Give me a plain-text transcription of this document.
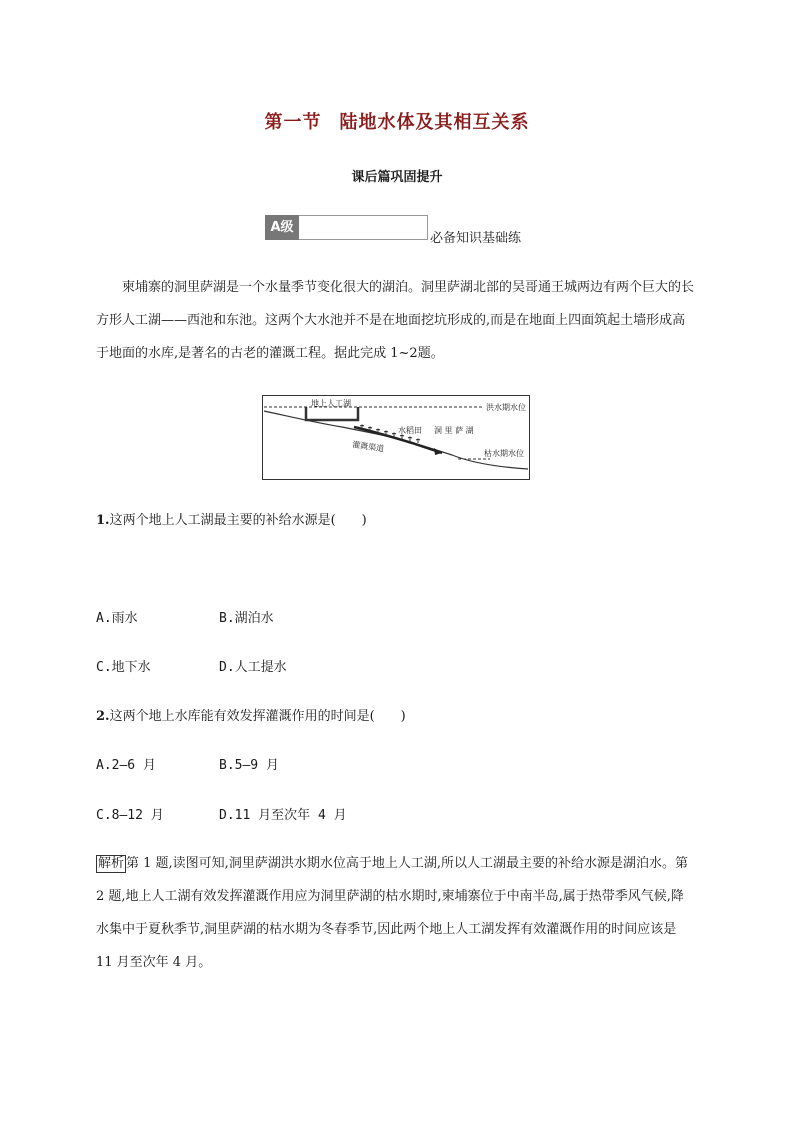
第一节 陆地水体及其相互关系
课后篇巩固提升
A级
必备知识基础练
柬埔寨的洞里萨湖是一个水量季节变化很大的湖泊。洞里萨湖北部的吴哥通王城两边有两个巨大的长方形人工湖——西池和东池。这两个大水池并不是在地面挖坑形成的,而是在地面上四面筑起土墙形成高于地面的水库,是著名的古老的灌溉工程。据此完成 1~2题。
地上人工湖	洪水期水位
水稻田 洞 里 萨 湖
灌溉渠道
枯水期水位
1.这两个地上人工湖最主要的补给水源是(　　)
A.雨水	B.湖泊水
C.地下水	D.人工提水
2.这两个地上水库能有效发挥灌溉作用的时间是(　　)
A.2—6 月	B.5—9 月
C.8—12 月	D.11 月至次年 4 月
解析 第 1 题,读图可知,洞里萨湖洪水期水位高于地上人工湖,所以人工湖最主要的补给水源是湖泊水。第 2 题,地上人工湖有效发挥灌溉作用应为洞里萨湖的枯水期时,柬埔寨位于中南半岛,属于热带季风气候,降水集中于夏秋季节,洞里萨湖的枯水期为冬春季节,因此两个地上人工湖发挥有效灌溉作用的时间应该是 11 月至次年 4 月。
